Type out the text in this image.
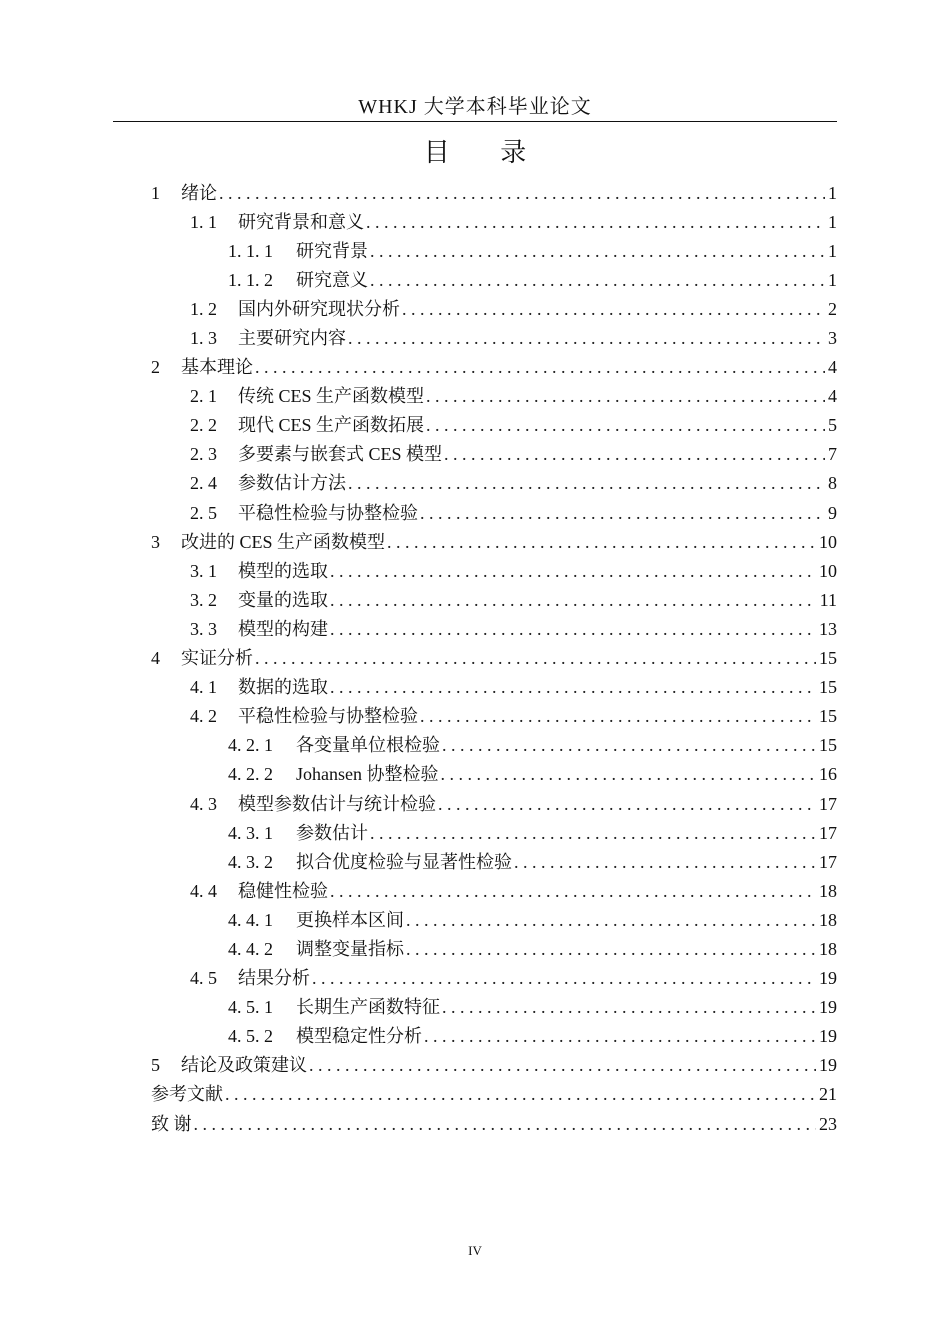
WHKJ 大学本科毕业论文
目 录
1	绪论 . . .	1
1. 1	研究背景和意义 . . .	1
1. 1. 1	研究背景 . . .	1
1. 1. 2	研究意义 . . .	1
1. 2	国内外研究现状分析 . . .	2
1. 3	主要研究内容 . . .	3
2	基本理论 . . .	4
2. 1	传统 CES 生产函数模型 . . .	4
2. 2	现代 CES 生产函数拓展 . . .	5
2. 3	多要素与嵌套式 CES 模型 . . .	7
2. 4	参数估计方法 . . .	8
2. 5	平稳性检验与协整检验 . . .	9
3	改进的 CES 生产函数模型 . . .	10
3. 1	模型的选取 . . .	10
3. 2	变量的选取 . . .	11
3. 3	模型的构建 . . .	13
4	实证分析 . . .	15
4. 1	数据的选取 . . .	15
4. 2	平稳性检验与协整检验 . . .	15
4. 2. 1	各变量单位根检验 . . .	15
4. 2. 2	Johansen 协整检验 . . .	16
4. 3	模型参数估计与统计检验 . . .	17
4. 3. 1	参数估计 . . .	17
4. 3. 2	拟合优度检验与显著性检验 . . .	17
4. 4	稳健性检验 . . .	18
4. 4. 1	更换样本区间 . . .	18
4. 4. 2	调整变量指标 . . .	18
4. 5	结果分析 . . .	19
4. 5. 1	长期生产函数特征 . . .	19
4. 5. 2	模型稳定性分析 . . .	19
5	结论及政策建议 . . .	19
参考文献 . . .	21
致 谢 . . .	23
IV
